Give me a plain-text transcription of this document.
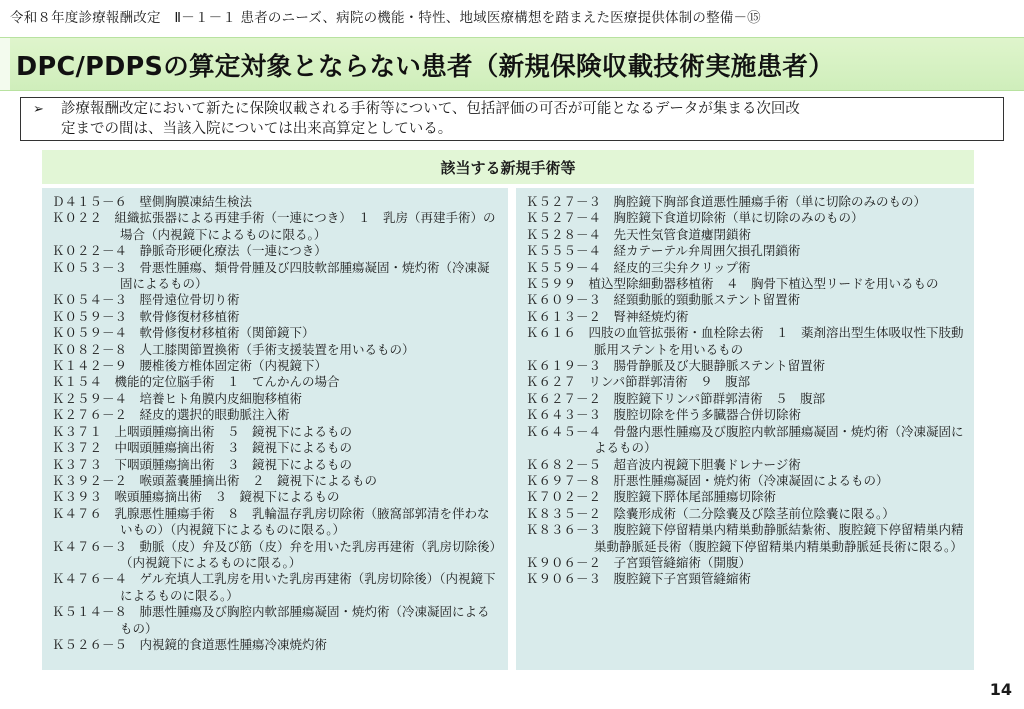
令和８年度診療報酬改定　Ⅱ－１－１ 患者のニーズ、病院の機能・特性、地域医療構想を踏まえた医療提供体制の整備－⑮
DPC/PDPSの算定対象とならない患者（新規保険収載技術実施患者）
➢ 診療報酬改定において新たに保険収載される手術等について、包括評価の可否が可能となるデータが集まる次回改
定までの間は、当該入院については出来高算定としている。
該当する新規手術等
Ｄ４１５－６　壁側胸膜凍結生検法
Ｋ０２２　組織拡張器による再建手術（一連につき）　１　乳房（再建手術）の場合（内視鏡下によるものに限る。）
Ｋ０２２－４　静脈奇形硬化療法（一連につき）
Ｋ０５３－３　骨悪性腫瘍、類骨骨腫及び四肢軟部腫瘍凝固・焼灼術（冷凍凝固によるもの）
Ｋ０５４－３　脛骨遠位骨切り術
Ｋ０５９－３　軟骨修復材移植術
Ｋ０５９－４　軟骨修復材移植術（関節鏡下）
Ｋ０８２－８　人工膝関節置換術（手術支援装置を用いるもの）
Ｋ１４２－９　腰椎後方椎体固定術（内視鏡下）
Ｋ１５４　機能的定位脳手術　１　てんかんの場合
Ｋ２５９－４　培養ヒト角膜内皮細胞移植術
Ｋ２７６－２　経皮的選択的眼動脈注入術
Ｋ３７１　上咽頭腫瘍摘出術　５　鏡視下によるもの
Ｋ３７２　中咽頭腫瘍摘出術　３　鏡視下によるもの
Ｋ３７３　下咽頭腫瘍摘出術　３　鏡視下によるもの
Ｋ３９２－２　喉頭蓋嚢腫摘出術　２　鏡視下によるもの
Ｋ３９３　喉頭腫瘍摘出術　３　鏡視下によるもの
Ｋ４７６　乳腺悪性腫瘍手術　８　乳輪温存乳房切除術（腋窩部郭清を伴わないもの）（内視鏡下によるものに限る。）
Ｋ４７６－３　動脈（皮）弁及び筋（皮）弁を用いた乳房再建術（乳房切除後）（内視鏡下によるものに限る。）
Ｋ４７６－４　ゲル充填人工乳房を用いた乳房再建術（乳房切除後）（内視鏡下によるものに限る。）
Ｋ５１４－８　肺悪性腫瘍及び胸腔内軟部腫瘍凝固・焼灼術（冷凍凝固によるもの）
Ｋ５２６－５　内視鏡的食道悪性腫瘍冷凍焼灼術
Ｋ５２７－３　胸腔鏡下胸部食道悪性腫瘍手術（単に切除のみのもの）
Ｋ５２７－４　胸腔鏡下食道切除術（単に切除のみのもの）
Ｋ５２８－４　先天性気管食道瘻閉鎖術
Ｋ５５５－４　経カテーテル弁周囲欠損孔閉鎖術
Ｋ５５９－４　経皮的三尖弁クリップ術
Ｋ５９９　植込型除細動器移植術　４　胸骨下植込型リードを用いるもの
Ｋ６０９－３　経頸動脈的頸動脈ステント留置術
Ｋ６１３－２　腎神経焼灼術
Ｋ６１６　四肢の血管拡張術・血栓除去術　１　薬剤溶出型生体吸収性下肢動脈用ステントを用いるもの
Ｋ６１９－３　腸骨静脈及び大腿静脈ステント留置術
Ｋ６２７　リンパ節群郭清術　９　腹部
Ｋ６２７－２　腹腔鏡下リンパ節群郭清術　５　腹部
Ｋ６４３－３　腹腔切除を伴う多臓器合併切除術
Ｋ６４５－４　骨盤内悪性腫瘍及び腹腔内軟部腫瘍凝固・焼灼術（冷凍凝固によるもの）
Ｋ６８２－５　超音波内視鏡下胆嚢ドレナージ術
Ｋ６９７－８　肝悪性腫瘍凝固・焼灼術（冷凍凝固によるもの）
Ｋ７０２－２　腹腔鏡下膵体尾部腫瘍切除術
Ｋ８３５－２　陰嚢形成術（二分陰嚢及び陰茎前位陰嚢に限る。）
Ｋ８３６－３　腹腔鏡下停留精巣内精巣動静脈結紮術、腹腔鏡下停留精巣内精巣動静脈延長術（腹腔鏡下停留精巣内精巣動静脈延長術に限る。）
Ｋ９０６－２　子宮頸管縫縮術（開腹）
Ｋ９０６－３　腹腔鏡下子宮頸管縫縮術
14
